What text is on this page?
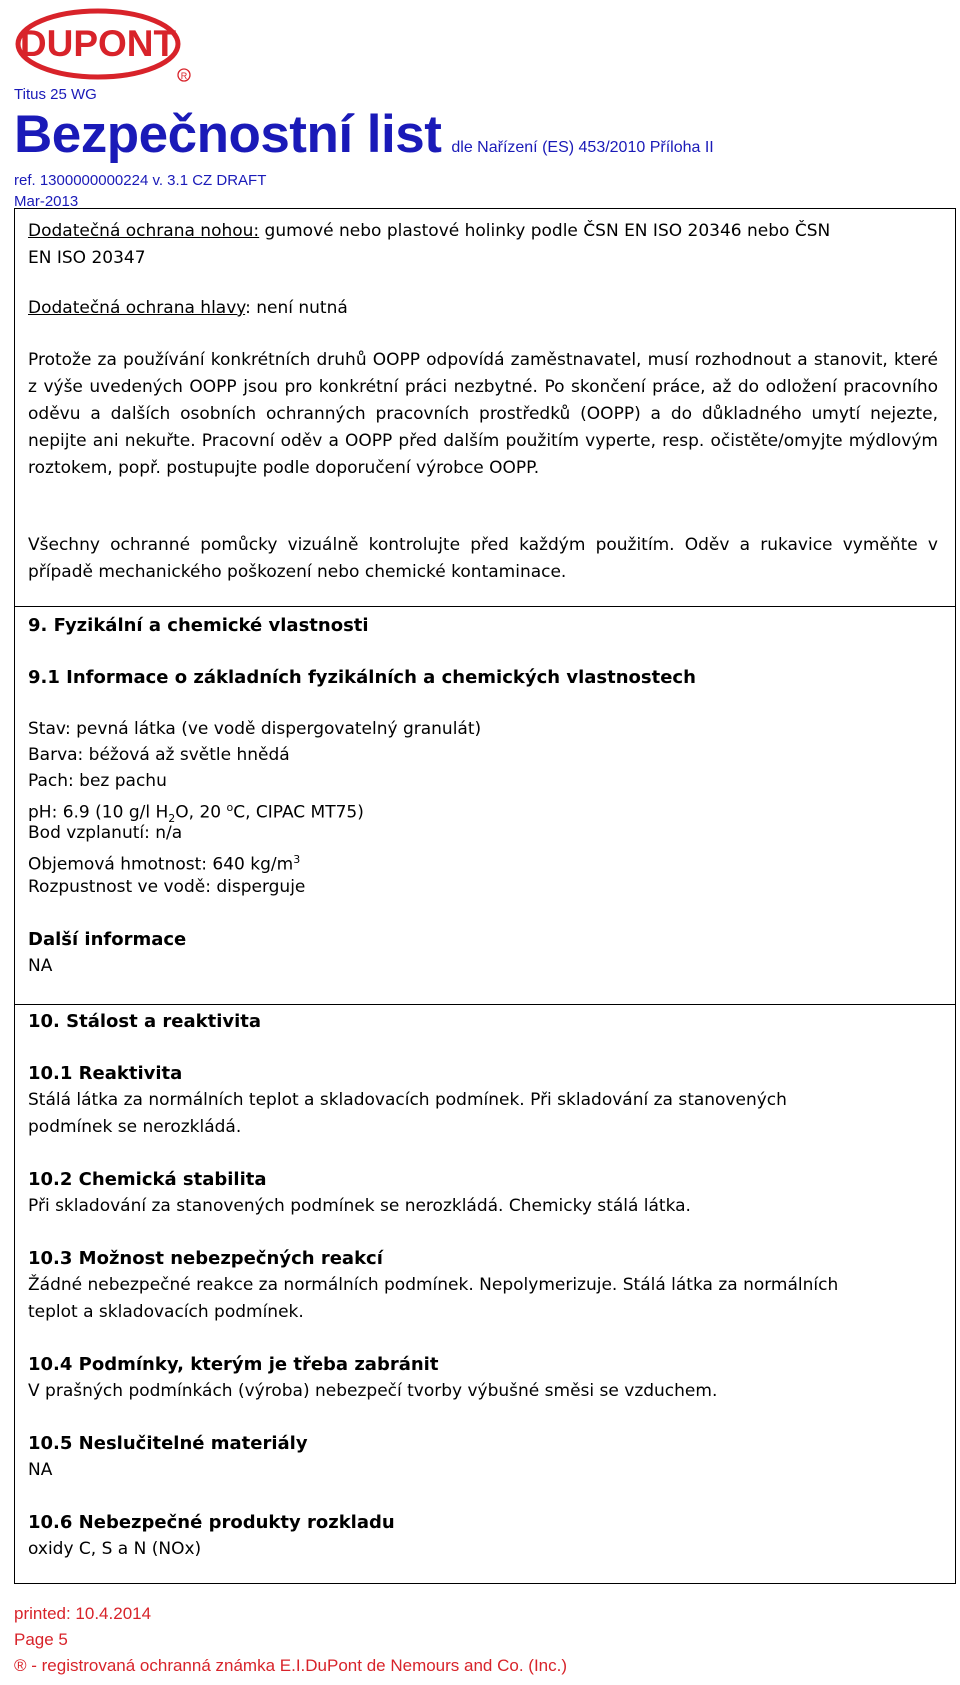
DUPONT
R
Titus 25 WG
Bezpečnostní list dle Nařízení (ES) 453/2010 Příloha II
ref. 1300000000224 v. 3.1 CZ DRAFT
Mar-2013
Dodatečná ochrana nohou: gumové nebo plastové holinky podle ČSN EN ISO 20346 nebo ČSN
EN ISO 20347
Dodatečná ochrana hlavy: není nutná
Protože za používání konkrétních druhů OOPP odpovídá zaměstnavatel, musí rozhodnout a stanovit, které z výše uvedených OOPP jsou pro konkrétní práci nezbytné. Po skončení práce, až do odložení pracovního oděvu a dalších osobních ochranných pracovních prostředků (OOPP) a do důkladného umytí nejezte, nepijte ani nekuřte. Pracovní oděv a OOPP před dalším použitím vyperte, resp. očistěte/omyjte mýdlovým roztokem, popř. postupujte podle doporučení výrobce OOPP.
Všechny ochranné pomůcky vizuálně kontrolujte před každým použitím. Oděv a rukavice vyměňte v případě mechanického poškození nebo chemické kontaminace.
9. Fyzikální a chemické vlastnosti
9.1 Informace o základních fyzikálních a chemických vlastnostech
Stav: pevná látka (ve vodě dispergovatelný granulát)
Barva: béžová až světle hnědá
Pach: bez pachu
pH: 6.9 (10 g/l $H_2O$, 20 $^o$C, CIPAC MT75)
Bod vzplanutí: n/a
Objemová hmotnost: 640 $kg/m^3$
Rozpustnost ve vodě: disperguje
Další informace
NA
10. Stálost a reaktivita
10.1 Reaktivita
Stálá látka za normálních teplot a skladovacích podmínek. Při skladování za stanovených
podmínek se nerozkládá.
10.2 Chemická stabilita
Při skladování za stanovených podmínek se nerozkládá. Chemicky stálá látka.
10.3 Možnost nebezpečných reakcí
Žádné nebezpečné reakce za normálních podmínek. Nepolymerizuje. Stálá látka za normálních
teplot a skladovacích podmínek.
10.4 Podmínky, kterým je třeba zabránit
V prašných podmínkách (výroba) nebezpečí tvorby výbušné směsi se vzduchem.
10.5 Neslučitelné materiály
NA
10.6 Nebezpečné produkty rozkladu
oxidy C, S a N (NOx)
printed: 10.4.2014
Page 5
® - registrovaná ochranná známka E.I.DuPont de Nemours and Co. (Inc.)
